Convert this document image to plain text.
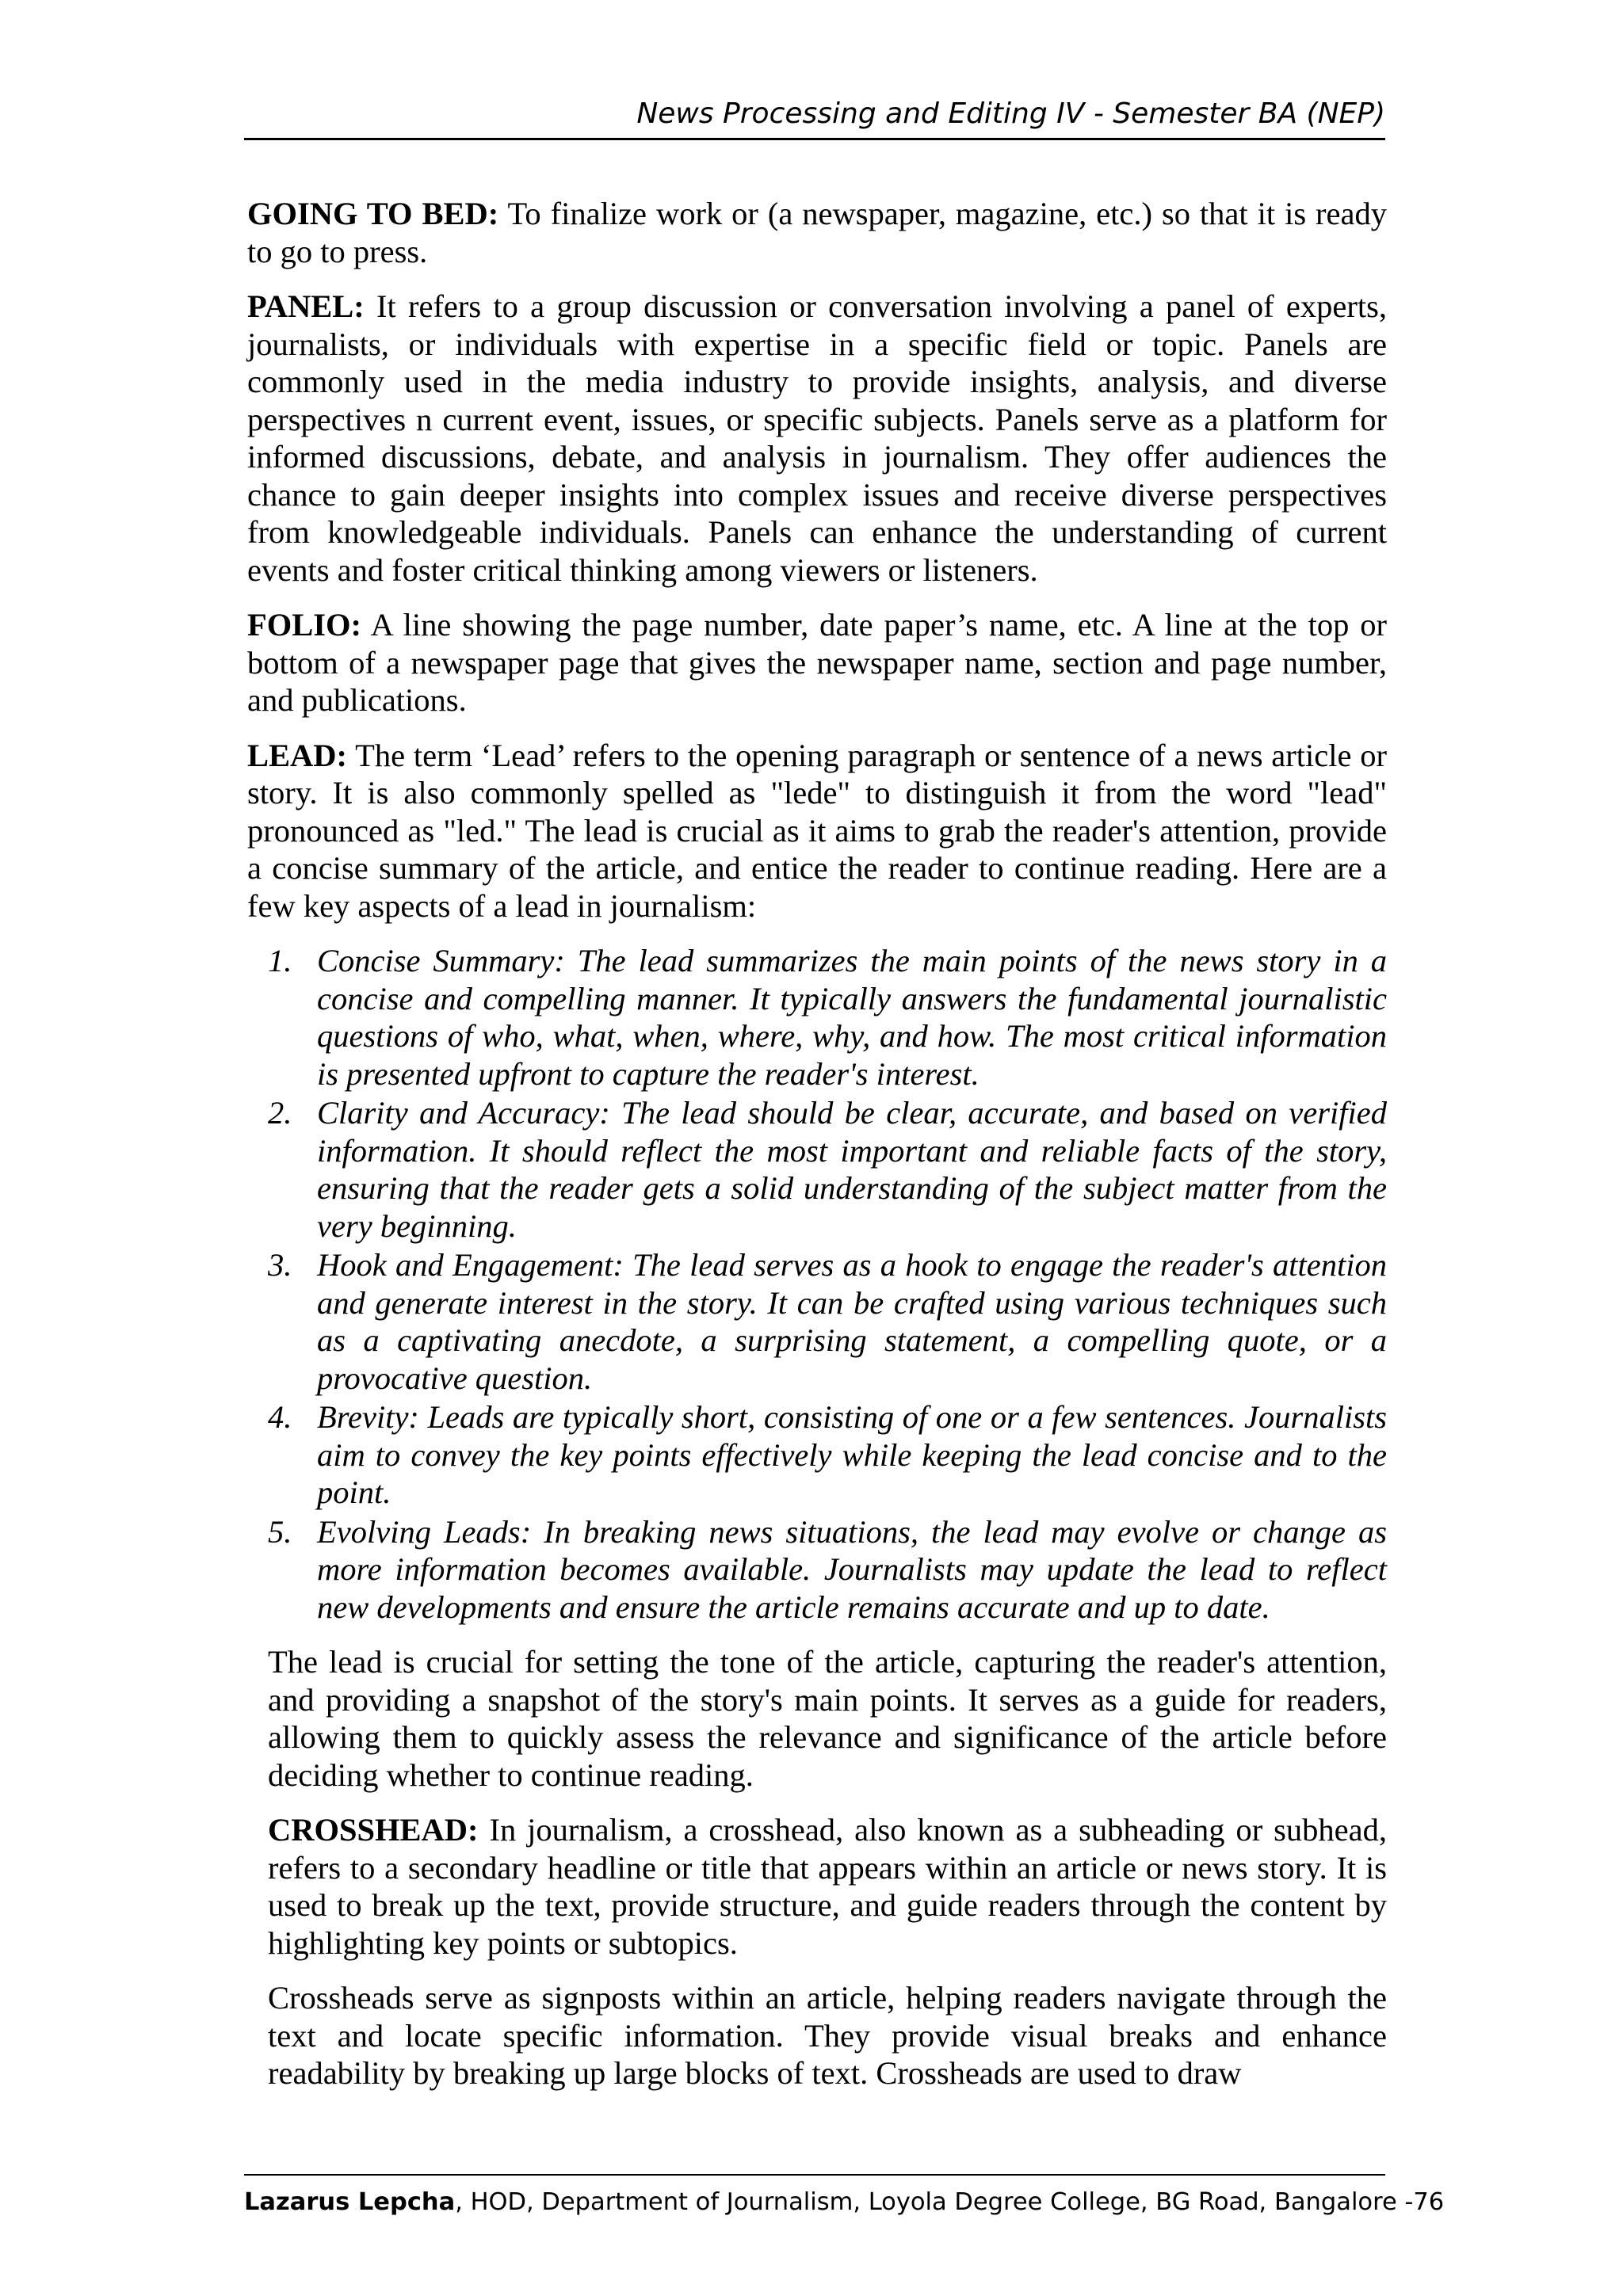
News Processing and Editing IV - Semester BA (NEP)

GOING TO BED: To finalize work or (a newspaper, magazine, etc.) so that it is ready to go to press.

PANEL: It refers to a group discussion or conversation involving a panel of experts, journalists, or individuals with expertise in a specific field or topic. Panels are commonly used in the media industry to provide insights, analysis, and diverse perspectives n current event, issues, or specific subjects. Panels serve as a platform for informed discussions, debate, and analysis in journalism. They offer audiences the chance to gain deeper insights into complex issues and receive diverse perspectives from knowledgeable individuals. Panels can enhance the understanding of current events and foster critical thinking among viewers or listeners.

FOLIO: A line showing the page number, date paper’s name, etc. A line at the top or bottom of a newspaper page that gives the newspaper name, section and page number, and publications.

LEAD: The term ‘Lead’ refers to the opening paragraph or sentence of a news article or story. It is also commonly spelled as "lede" to distinguish it from the word "lead" pronounced as "led." The lead is crucial as it aims to grab the reader's attention, provide a concise summary of the article, and entice the reader to continue reading. Here are a few key aspects of a lead in journalism:

1. Concise Summary: The lead summarizes the main points of the news story in a concise and compelling manner. It typically answers the fundamental journalistic questions of who, what, when, where, why, and how. The most critical information is presented upfront to capture the reader's interest.
2. Clarity and Accuracy: The lead should be clear, accurate, and based on verified information. It should reflect the most important and reliable facts of the story, ensuring that the reader gets a solid understanding of the subject matter from the very beginning.
3. Hook and Engagement: The lead serves as a hook to engage the reader's attention and generate interest in the story. It can be crafted using various techniques such as a captivating anecdote, a surprising statement, a compelling quote, or a provocative question.
4. Brevity: Leads are typically short, consisting of one or a few sentences. Journalists aim to convey the key points effectively while keeping the lead concise and to the point.
5. Evolving Leads: In breaking news situations, the lead may evolve or change as more information becomes available. Journalists may update the lead to reflect new developments and ensure the article remains accurate and up to date.

The lead is crucial for setting the tone of the article, capturing the reader's attention, and providing a snapshot of the story's main points. It serves as a guide for readers, allowing them to quickly assess the relevance and significance of the article before deciding whether to continue reading.

CROSSHEAD: In journalism, a crosshead, also known as a subheading or subhead, refers to a secondary headline or title that appears within an article or news story. It is used to break up the text, provide structure, and guide readers through the content by highlighting key points or subtopics.

Crossheads serve as signposts within an article, helping readers navigate through the text and locate specific information. They provide visual breaks and enhance readability by breaking up large blocks of text. Crossheads are used to draw

Lazarus Lepcha, HOD, Department of Journalism, Loyola Degree College, BG Road, Bangalore -76
